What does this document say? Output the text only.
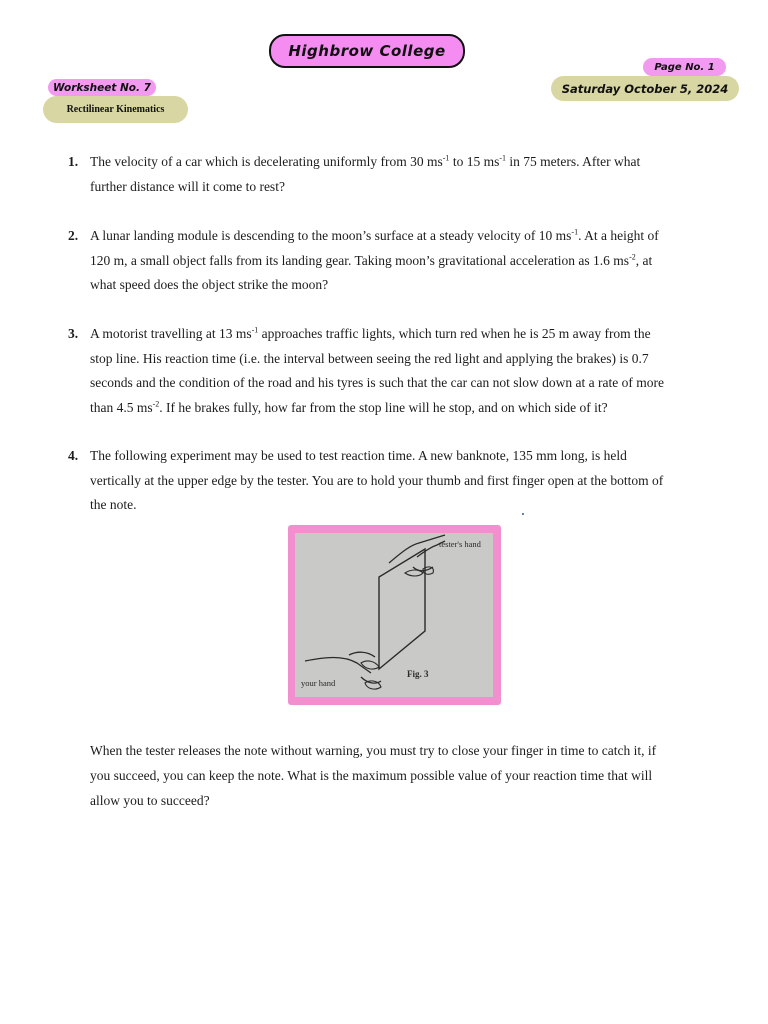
Highbrow College
Worksheet No. 7
Rectilinear Kinematics
Page No. 1
Saturday October 5, 2024
1. The velocity of a car which is decelerating uniformly from 30 $ms^{-1}$ to 15 $ms^{-1}$ in 75 meters. After what
further distance will it come to rest?
2. A lunar landing module is descending to the moon’s surface at a steady velocity of 10 $ms^{-1}$. At a height of
120 m, a small object falls from its landing gear. Taking moon’s gravitational acceleration as 1.6 $ms^{-2}$, at
what speed does the object strike the moon?
3. A motorist travelling at 13 $ms^{-1}$ approaches traffic lights, which turn red when he is 25 m away from the
stop line. His reaction time (i.e. the interval between seeing the red light and applying the brakes) is 0.7
seconds and the condition of the road and his tyres is such that the car can not slow down at a rate of more
than 4.5 $ms^{-2}$. If he brakes fully, how far from the stop line will he stop, and on which side of it?
4. The following experiment may be used to test reaction time. A new banknote, 135 mm long, is held
vertically at the upper edge by the tester. You are to hold your thumb and first finger open at the bottom of
the note.
tester's hand
your hand
Fig. 3
When the tester releases the note without warning, you must try to close your finger in time to catch it, if
you succeed, you can keep the note. What is the maximum possible value of your reaction time that will
allow you to succeed?
